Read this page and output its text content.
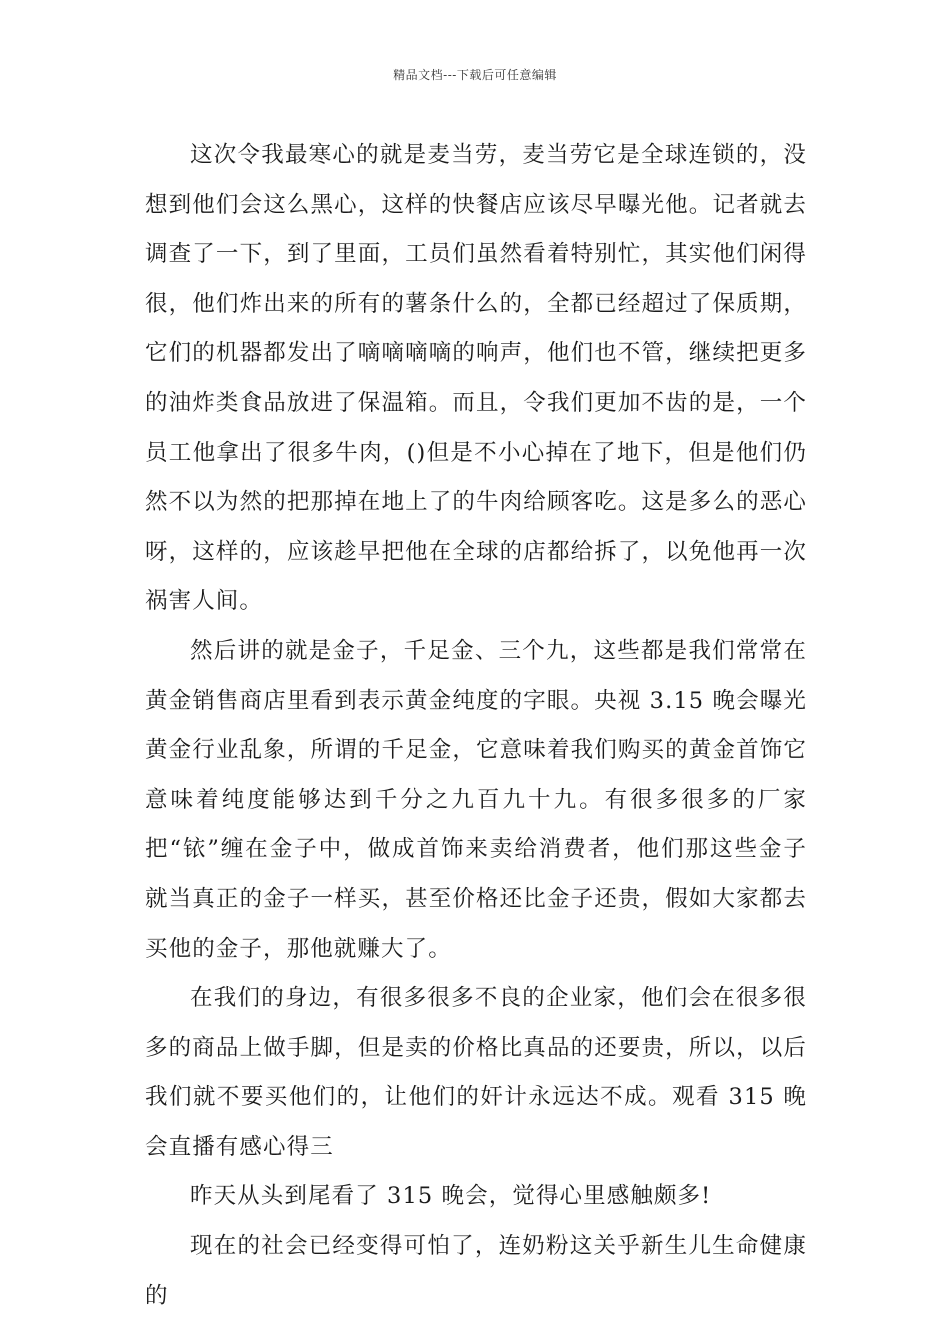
精品文档---下载后可任意编辑

这次令我最寒心的就是麦当劳，麦当劳它是全球连锁的，没想到他们会这么黑心，这样的快餐店应该尽早曝光他。记者就去调查了一下，到了里面，工员们虽然看着特别忙，其实他们闲得很，他们炸出来的所有的薯条什么的，全都已经超过了保质期，它们的机器都发出了嘀嘀嘀嘀的响声，他们也不管，继续把更多的油炸类食品放进了保温箱。而且，令我们更加不齿的是，一个员工他拿出了很多牛肉，()但是不小心掉在了地下，但是他们仍然不以为然的把那掉在地上了的牛肉给顾客吃。这是多么的恶心呀，这样的，应该趁早把他在全球的店都给拆了，以免他再一次祸害人间。

然后讲的就是金子，千足金、三个九，这些都是我们常常在黄金销售商店里看到表示黄金纯度的字眼。央视 3.15 晚会曝光黄金行业乱象，所谓的千足金，它意味着我们购买的黄金首饰它意味着纯度能够达到千分之九百九十九。有很多很多的厂家把“铱”缠在金子中，做成首饰来卖给消费者，他们那这些金子就当真正的金子一样买，甚至价格还比金子还贵，假如大家都去买他的金子，那他就赚大了。

在我们的身边，有很多很多不良的企业家，他们会在很多很多的商品上做手脚，但是卖的价格比真品的还要贵，所以，以后我们就不要买他们的，让他们的奸计永远达不成。观看 315 晚会直播有感心得三

昨天从头到尾看了 315 晚会，觉得心里感触颇多!

现在的社会已经变得可怕了，连奶粉这关乎新生儿生命健康的
